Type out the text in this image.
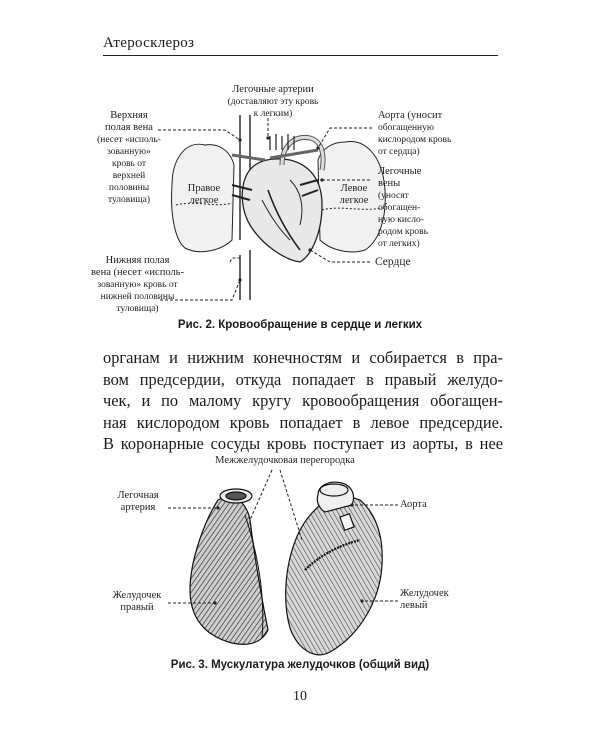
Атеросклероз
Легочные артерии
(доставляют эту кровь
к легким)
Верхняя
полая вена
(несет «исполь-
зованную»
кровь от
верхней
половины
туловища)
Правое
легкое
Левое
легкое
Аорта (уносит
обогащенную
кислородом кровь
от сердца)
Легочные
вены
(уносят
обогащен-
ную кисло-
родом кровь
от легких)
Нижняя полая
вена (несет «исполь-
зованную» кровь от
нижней половины
туловища)
Сердце
Рис. 2. Кровообращение в сердце и легких
органам и нижним конечностям и собирается в пра-
вом предсердии, откуда попадает в правый желудо-
чек, и по малому кругу кровообращения обогащен-
ная кислородом кровь попадает в левое предсердие.
В коронарные сосуды кровь поступает из аорты, в нее
Межжелудочковая перегородка
Легочная
артерия	Аорта
Желудочек
правый
Желудочек
левый
Рис. 3. Мускулатура желудочков (общий вид)
10
